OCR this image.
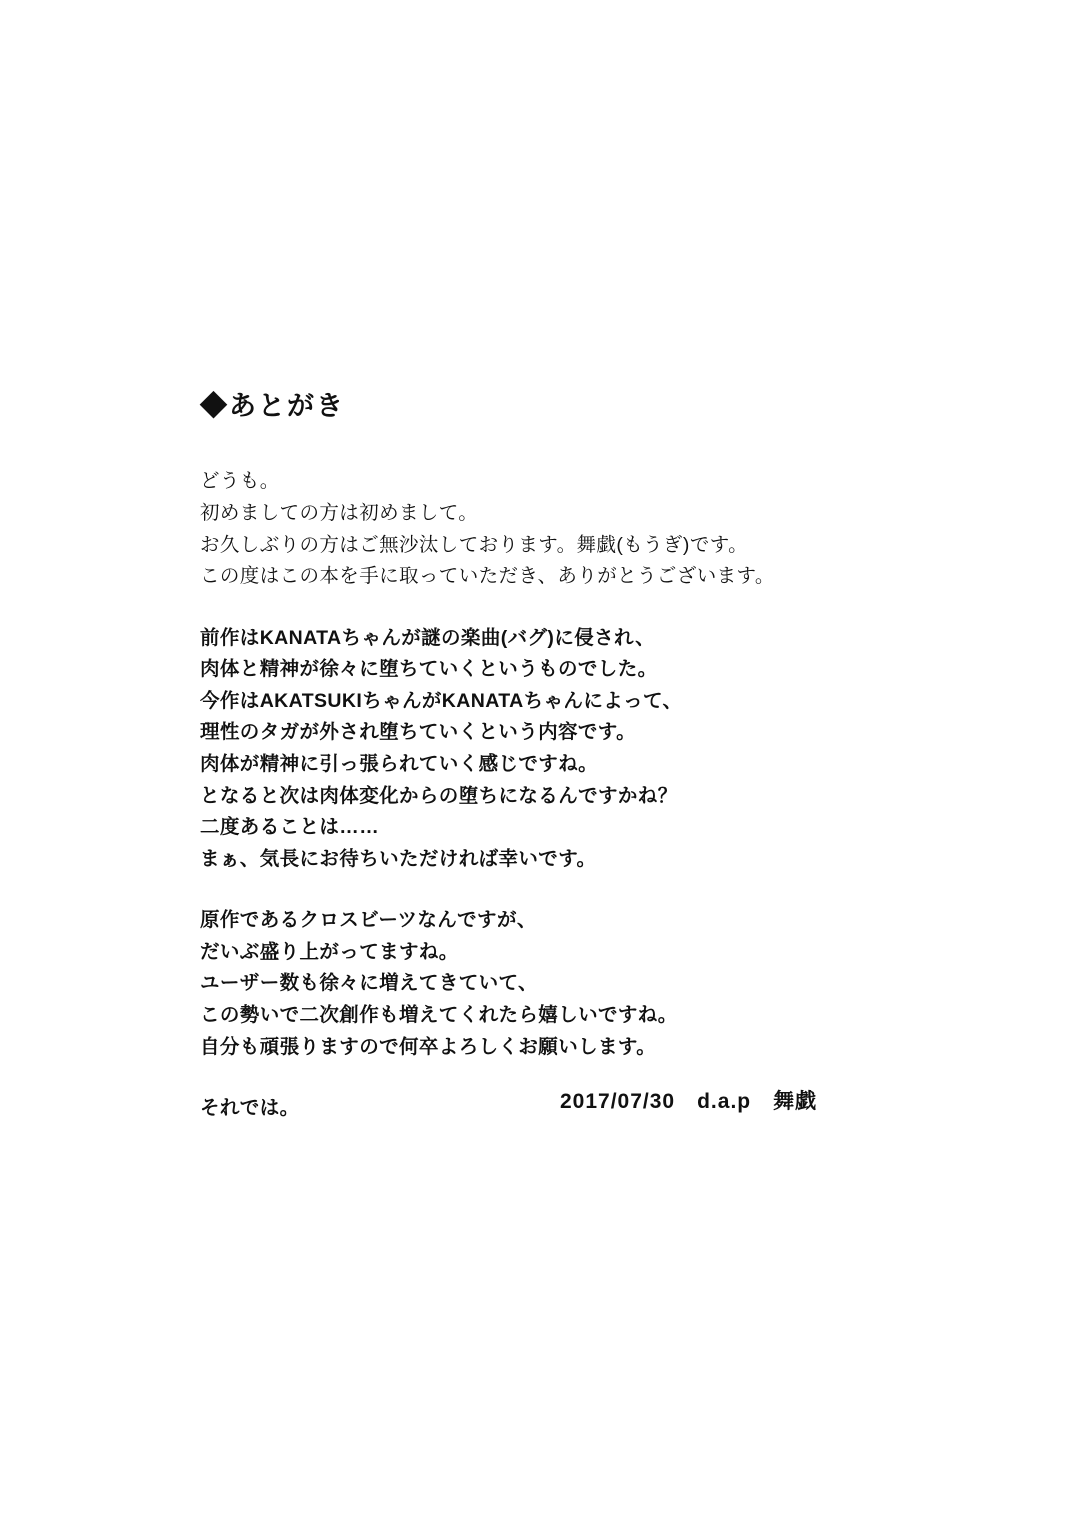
◆あとがき
どうも。
初めましての方は初めまして。
お久しぶりの方はご無沙汰しております。舞戯(もうぎ)です。
この度はこの本を手に取っていただき、ありがとうございます。
前作はKANATAちゃんが謎の楽曲(バグ)に侵され、
肉体と精神が徐々に堕ちていくというものでした。
今作はAKATSUKIちゃんがKANATAちゃんによって、
理性のタガが外され堕ちていくという内容です。
肉体が精神に引っ張られていく感じですね。
となると次は肉体変化からの堕ちになるんですかね？
二度あることは……
まぁ、気長にお待ちいただければ幸いです。
原作であるクロスビーツなんですが、
だいぶ盛り上がってますね。
ユーザー数も徐々に増えてきていて、
この勢いで二次創作も増えてくれたら嬉しいですね。
自分も頑張りますので何卒よろしくお願いします。
それでは。	2017/07/30　d.a.p　舞戯
